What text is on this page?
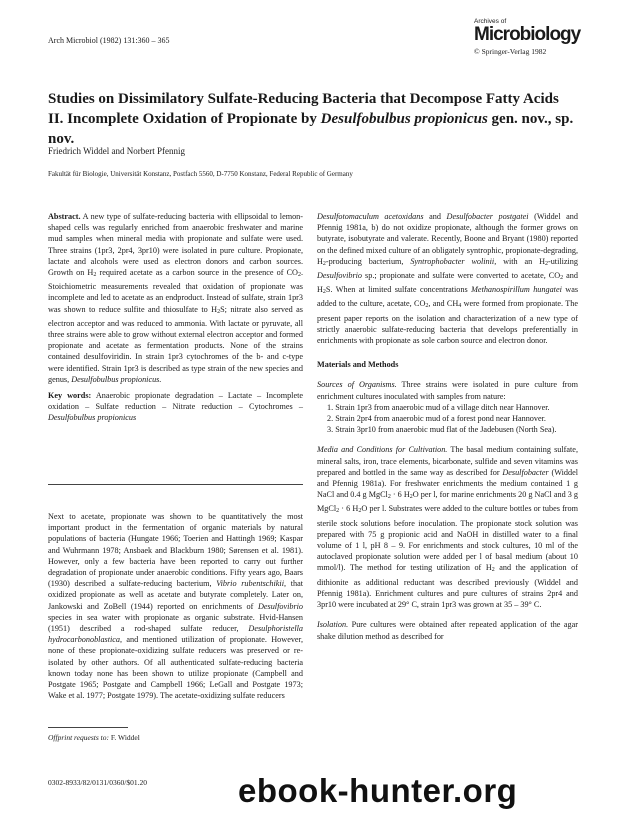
Arch Microbiol (1982) 131:360 – 365
Archives of
Microbiology
© Springer-Verlag 1982
Studies on Dissimilatory Sulfate-Reducing Bacteria that Decompose Fatty Acids
II. Incomplete Oxidation of Propionate by Desulfobulbus propionicus gen. nov., sp. nov.
Friedrich Widdel and Norbert Pfennig
Fakultät für Biologie, Universität Konstanz, Postfach 5560, D-7750 Konstanz, Federal Republic of Germany

Abstract. A new type of sulfate-reducing bacteria with ellipsoidal to lemon-shaped cells was regularly enriched from anaerobic freshwater and marine mud samples when mineral media with propionate and sulfate were used. Three strains (1pr3, 2pr4, 3pr10) were isolated in pure culture. Propionate, lactate and alcohols were used as electron donors and carbon sources. Growth on H2 required acetate as a carbon source in the presence of CO2. Stoichiometric measurements revealed that oxidation of propionate was incomplete and led to acetate as an endproduct. Instead of sulfate, strain 1pr3 was shown to reduce sulfite and thiosulfate to H2S; nitrate also served as electron acceptor and was reduced to ammonia. With lactate or pyruvate, all three strains were able to grow without external electron acceptor and formed propionate and acetate as fermentation products. None of the strains contained desulfoviridin. In strain 1pr3 cytochromes of the b- and c-type were identified. Strain 1pr3 is described as type strain of the new species and genus, Desulfobulbus propionicus.

Key words: Anaerobic propionate degradation – Lactate – Incomplete oxidation – Sulfate reduction – Nitrate reduction – Cytochromes – Desulfobulbus propionicus

Next to acetate, propionate was shown to be quantitatively the most important product in the fermentation of organic materials by natural populations of bacteria (Hungate 1966; Toerien and Hattingh 1969; Kaspar and Wuhrmann 1978; Ansbaek and Blackburn 1980; Sørensen et al. 1981). However, only a few bacteria have been reported to carry out further degradation of propionate under anaerobic conditions. Fifty years ago, Baars (1930) described a sulfate-reducing bacterium, Vibrio rubentschikii, that oxidized propionate as well as acetate and butyrate completely. Later on, Jankowski and ZoBell (1944) reported on enrichments of Desulfovibrio species in sea water with propionate as organic substrate. Hvid-Hansen (1951) described a rod-shaped sulfate reducer, Desulphoristella hydrocarbonoblastica, and mentioned utilization of propionate. However, none of these propionate-oxidizing sulfate reducers was preserved or re-isolated by other authors. Of all authenticated sulfate-reducing bacteria known today none has been shown to utilize propionate (Campbell and Postgate 1965; Postgate and Campbell 1966; LeGall and Postgate 1973; Wake et al. 1977; Postgate 1979). The acetate-oxidizing sulfate reducers

Offprint requests to: F. Widdel
0302-8933/82/0131/0360/$01.20

Desulfotomaculum acetoxidans and Desulfobacter postgatei (Widdel and Pfennig 1981a, b) do not oxidize propionate, although the former grows on butyrate, isobutyrate and valerate. Recently, Boone and Bryant (1980) reported on the defined mixed culture of an obligately syntrophic, propionate-degrading, H2-producing bacterium, Syntrophobacter wolinii, with an H2-utilizing Desulfovibrio sp.; propionate and sulfate were converted to acetate, CO2 and H2S. When at limited sulfate concentrations Methanospirillum hungatei was added to the culture, acetate, CO2, and CH4 were formed from propionate. The present paper reports on the isolation and characterization of a new type of strictly anaerobic sulfate-reducing bacteria that develops preferentially in enrichments with propionate as sole carbon source and electron donor.

Materials and Methods

Sources of Organisms. Three strains were isolated in pure culture from enrichment cultures inoculated with samples from nature:

1. Strain 1pr3 from anaerobic mud of a village ditch near Hannover.

2. Strain 2pr4 from anaerobic mud of a forest pond near Hannover.

3. Strain 3pr10 from anaerobic mud flat of the Jadebusen (North Sea).

Media and Conditions for Cultivation. The basal medium containing sulfate, mineral salts, iron, trace elements, bicarbonate, sulfide and seven vitamins was prepared and bottled in the same way as described for Desulfobacter (Widdel and Pfennig 1981a). For freshwater enrichments the medium contained 1 g NaCl and 0.4 g MgCl2 · 6 H2O per l, for marine enrichments 20 g NaCl and 3 g MgCl2 · 6 H2O per l. Substrates were added to the culture bottles or tubes from sterile stock solutions before inoculation. The propionate stock solution was prepared with 75 g propionic acid and NaOH in distilled water to a final volume of 1 l, pH 8 – 9. For enrichments and stock cultures, 10 ml of the autoclaved propionate solution were added per l of basal medium (about 10 mmol/l). The method for testing utilization of H2 and the application of dithionite as additional reductant was described previously (Widdel and Pfennig 1981a). Enrichment cultures and pure cultures of strains 2pr4 and 3pr10 were incubated at 29° C, strain 1pr3 was grown at 35 – 39° C.

Isolation. Pure cultures were obtained after repeated application of the agar shake dilution method as described for

ebook-hunter.org
